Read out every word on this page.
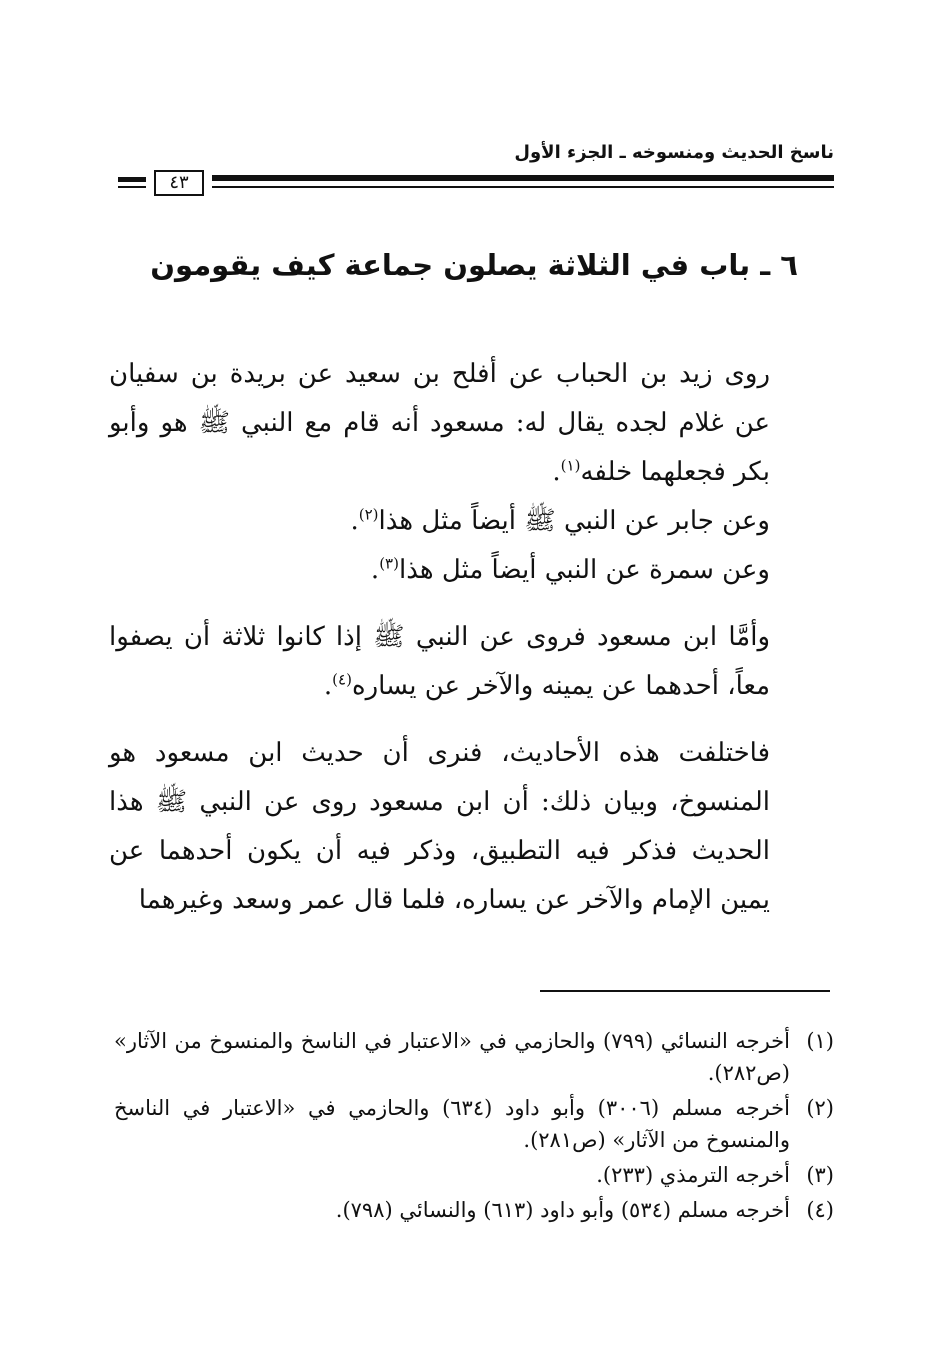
ناسخ الحديث ومنسوخه ـ الجزء الأول
٤٣
٦ ـ باب في الثلاثة يصلون جماعة كيف يقومون

روى زيد بن الحباب عن أفلح بن سعيد عن بريدة بن سفيان عن غلام لجده يقال له: مسعود أنه قام مع النبي ﷺ هو وأبو بكر فجعلهما خلفه$^{(١)}$.

وعن جابر عن النبي ﷺ أيضاً مثل هذا$^{(٢)}$.

وعن سمرة عن النبي أيضاً مثل هذا$^{(٣)}$.

وأمَّا ابن مسعود فروى عن النبي ﷺ إذا كانوا ثلاثة أن يصفوا معاً، أحدهما عن يمينه والآخر عن يساره$^{(٤)}$.

فاختلفت هذه الأحاديث، فنرى أن حديث ابن مسعود هو المنسوخ، وبيان ذلك: أن ابن مسعود روى عن النبي ﷺ هذا الحديث فذكر فيه التطبيق، وذكر فيه أن يكون أحدهما عن يمين الإمام والآخر عن يساره، فلما قال عمر وسعد وغيرهما

(١)
أخرجه النسائي (٧٩٩) والحازمي في «الاعتبار في الناسخ والمنسوخ من الآثار» (ص٢٨٢).
(٢)
أخرجه مسلم (٣٠٠٦) وأبو داود (٦٣٤) والحازمي في «الاعتبار في الناسخ والمنسوخ من الآثار» (ص٢٨١).
(٣)
أخرجه الترمذي (٢٣٣).
(٤)
أخرجه مسلم (٥٣٤) وأبو داود (٦١٣) والنسائي (٧٩٨).
